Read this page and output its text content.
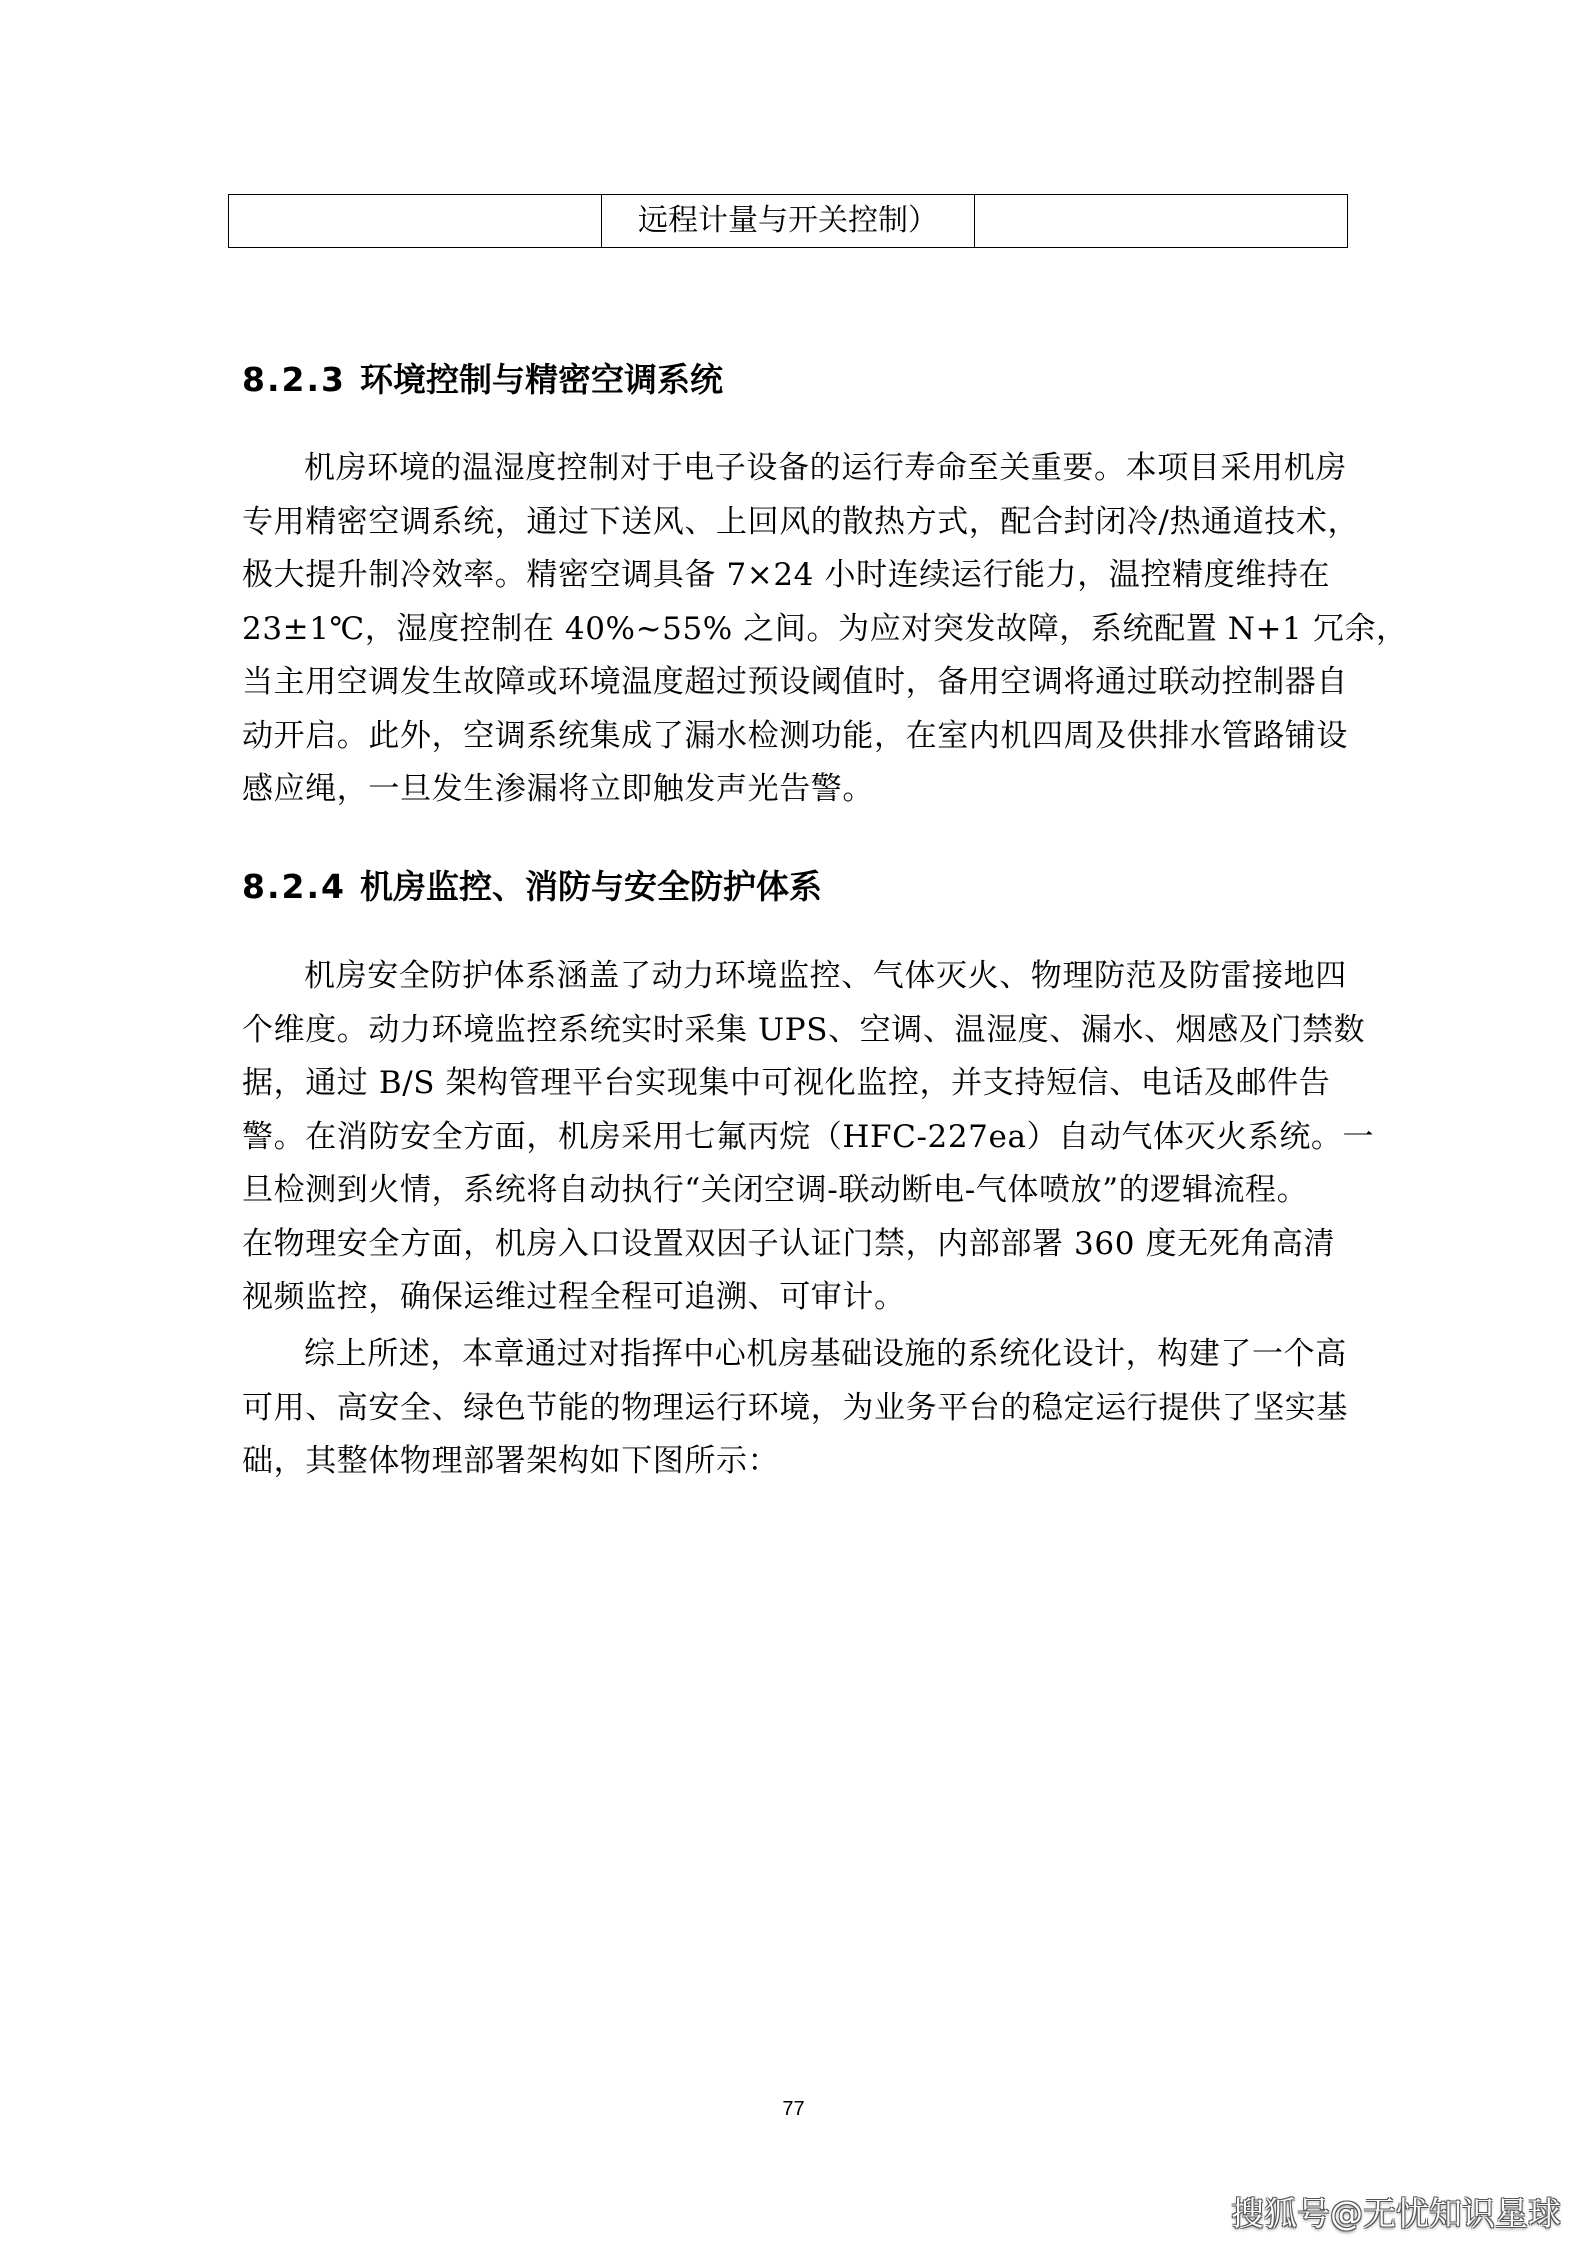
	远程计量与开关控制）	
8.2.3 环境控制与精密空调系统
机房环境的温湿度控制对于电子设备的运行寿命至关重要。本项目采用机房
专用精密空调系统，通过下送风、上回风的散热方式，配合封闭冷/热通道技术，
极大提升制冷效率。精密空调具备 7×24 小时连续运行能力，温控精度维持在
23±1℃，湿度控制在 40%~55% 之间。为应对突发故障，系统配置 N+1 冗余，
当主用空调发生故障或环境温度超过预设阈值时，备用空调将通过联动控制器自
动开启。此外，空调系统集成了漏水检测功能，在室内机四周及供排水管路铺设
感应绳，一旦发生渗漏将立即触发声光告警。
8.2.4 机房监控、消防与安全防护体系
机房安全防护体系涵盖了动力环境监控、气体灭火、物理防范及防雷接地四
个维度。动力环境监控系统实时采集 UPS、空调、温湿度、漏水、烟感及门禁数
据，通过 B/S 架构管理平台实现集中可视化监控，并支持短信、电话及邮件告
警。在消防安全方面，机房采用七氟丙烷（HFC-227ea）自动气体灭火系统。一
旦检测到火情，系统将自动执行“关闭空调-联动断电-气体喷放”的逻辑流程。
在物理安全方面，机房入口设置双因子认证门禁，内部部署 360 度无死角高清
视频监控，确保运维过程全程可追溯、可审计。
综上所述，本章通过对指挥中心机房基础设施的系统化设计，构建了一个高
可用、高安全、绿色节能的物理运行环境，为业务平台的稳定运行提供了坚实基
础，其整体物理部署架构如下图所示：
77
搜狐号@无忧知识星球
